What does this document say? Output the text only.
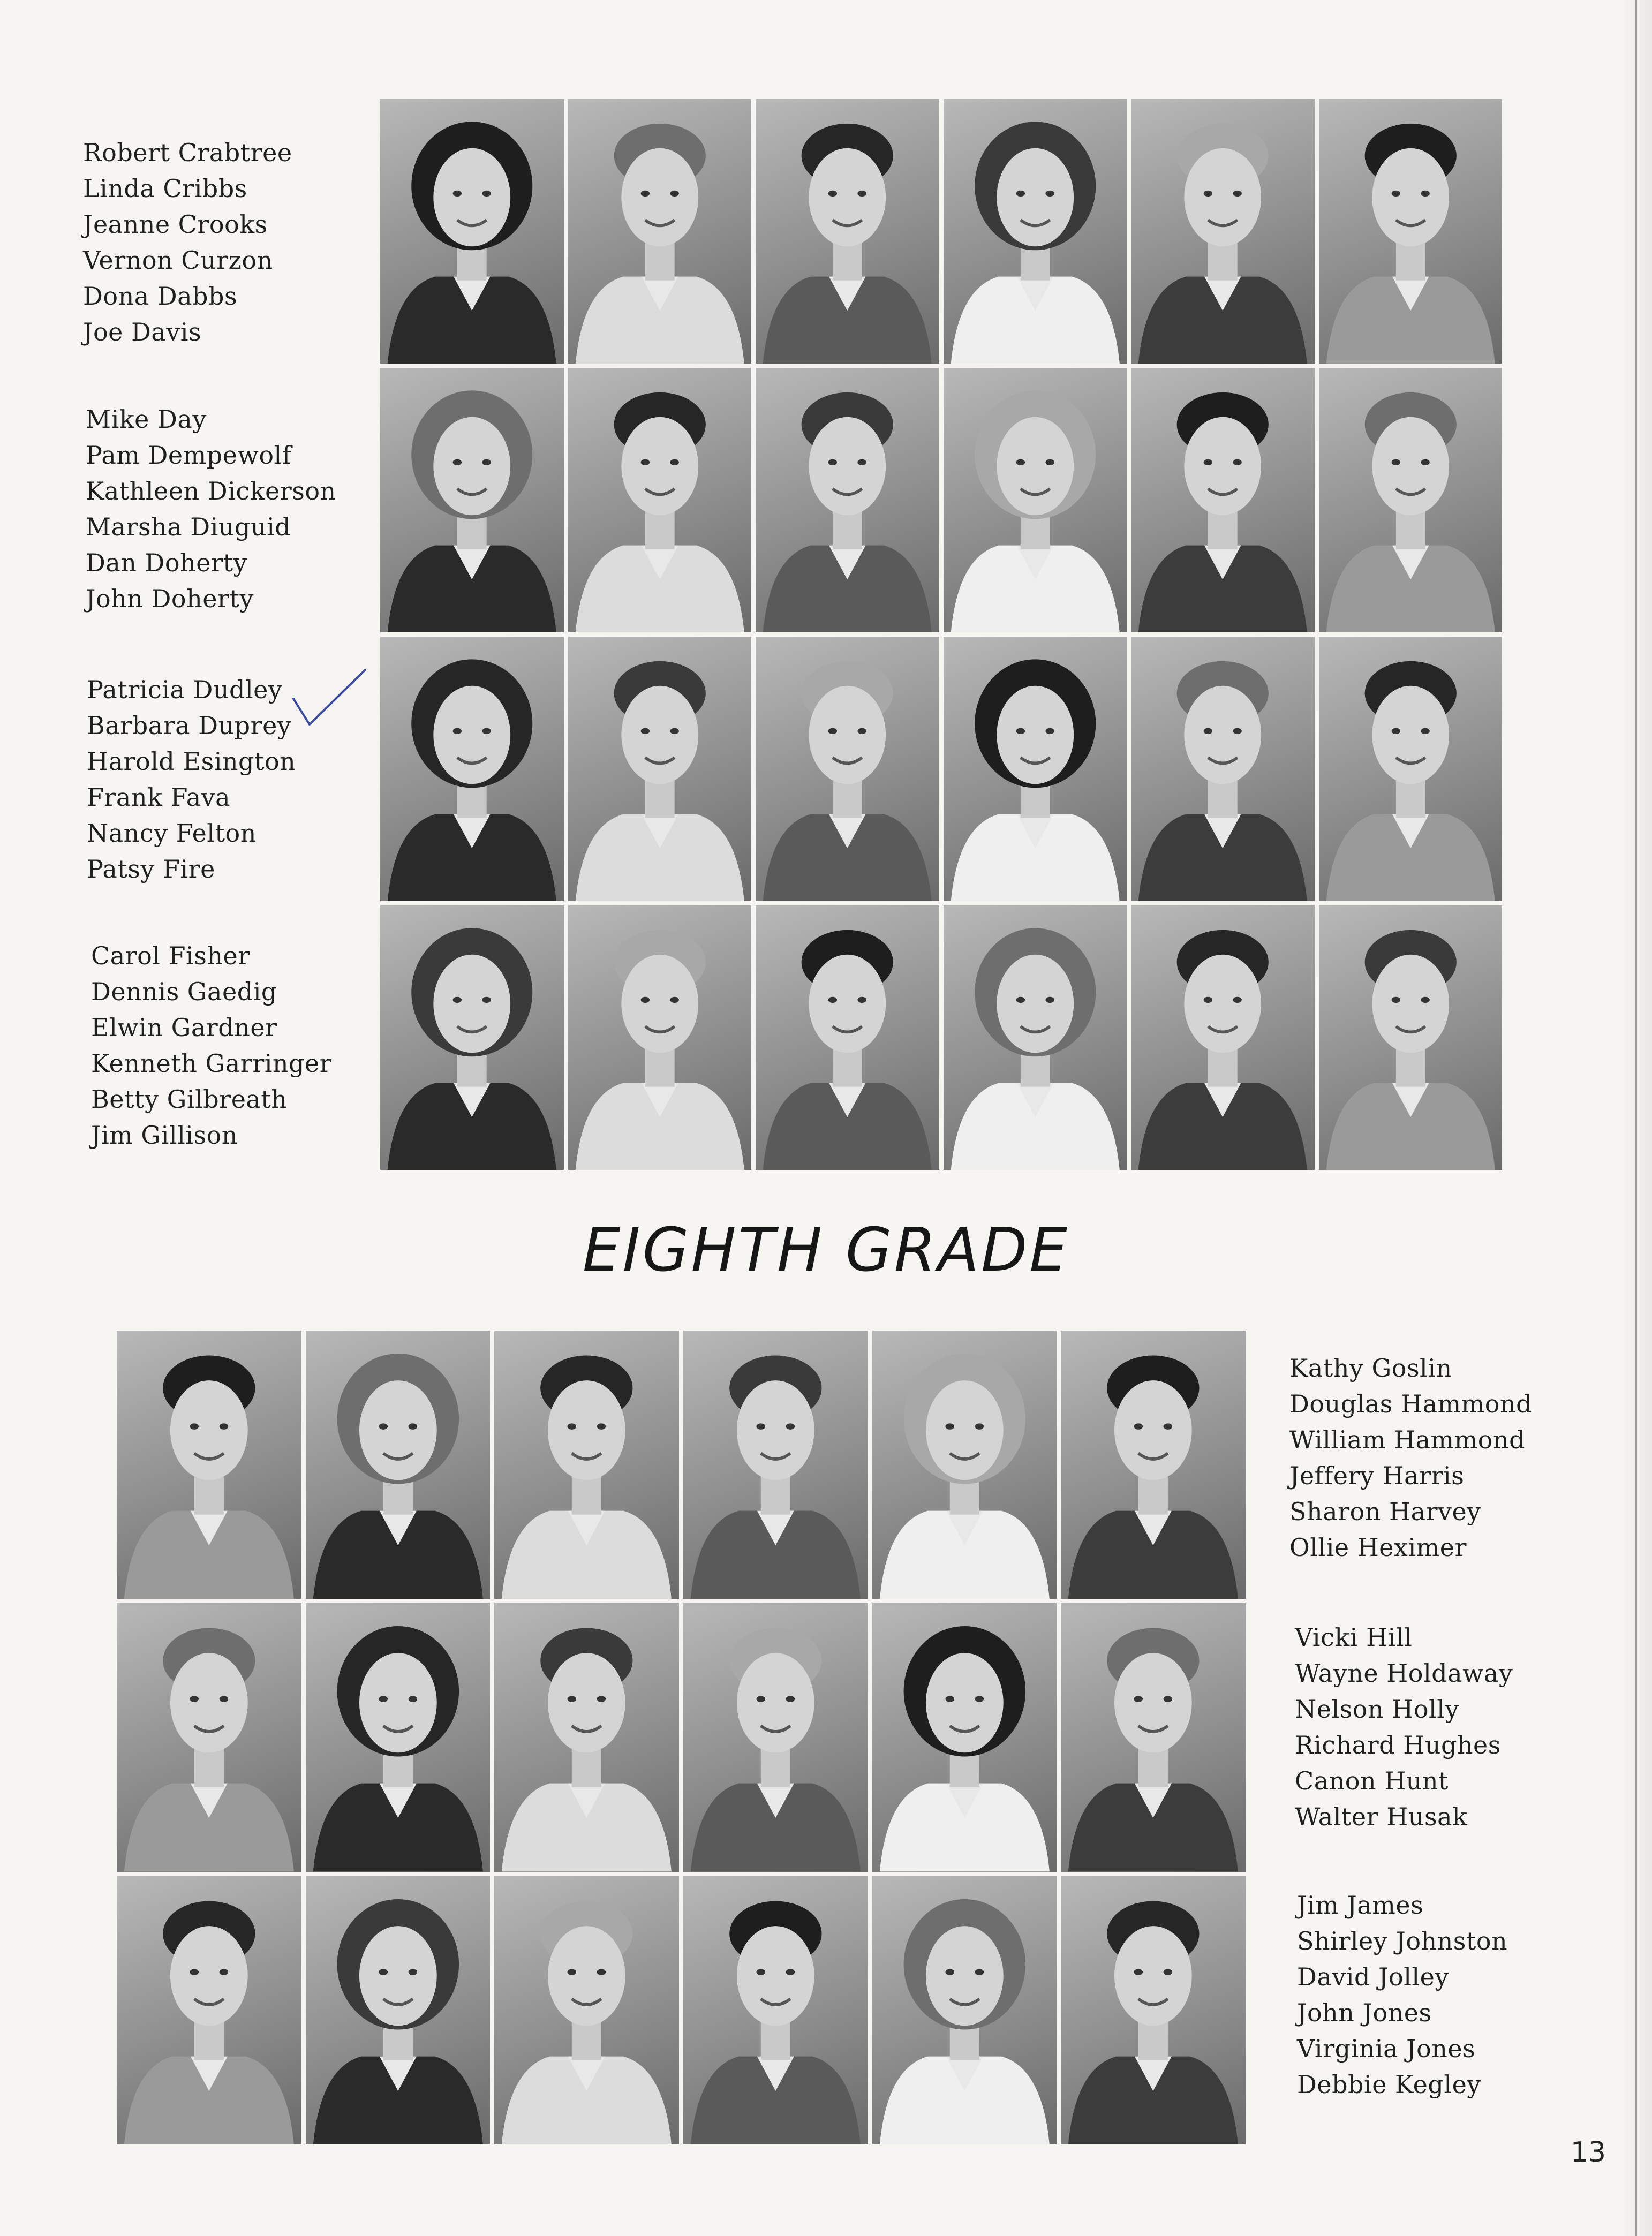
Robert Crabtree
Linda Cribbs
Jeanne Crooks
Vernon Curzon
Dona Dabbs
Joe Davis
Mike Day
Pam Dempewolf
Kathleen Dickerson
Marsha Diuguid
Dan Doherty
John Doherty
Patricia Dudley
Barbara Duprey
Harold Esington
Frank Fava
Nancy Felton
Patsy Fire
Carol Fisher
Dennis Gaedig
Elwin Gardner
Kenneth Garringer
Betty Gilbreath
Jim Gillison
EIGHTH GRADE
Kathy Goslin
Douglas Hammond
William Hammond
Jeffery Harris
Sharon Harvey
Ollie Heximer
Vicki Hill
Wayne Holdaway
Nelson Holly
Richard Hughes
Canon Hunt
Walter Husak
Jim James
Shirley Johnston
David Jolley
John Jones
Virginia Jones
Debbie Kegley
13
